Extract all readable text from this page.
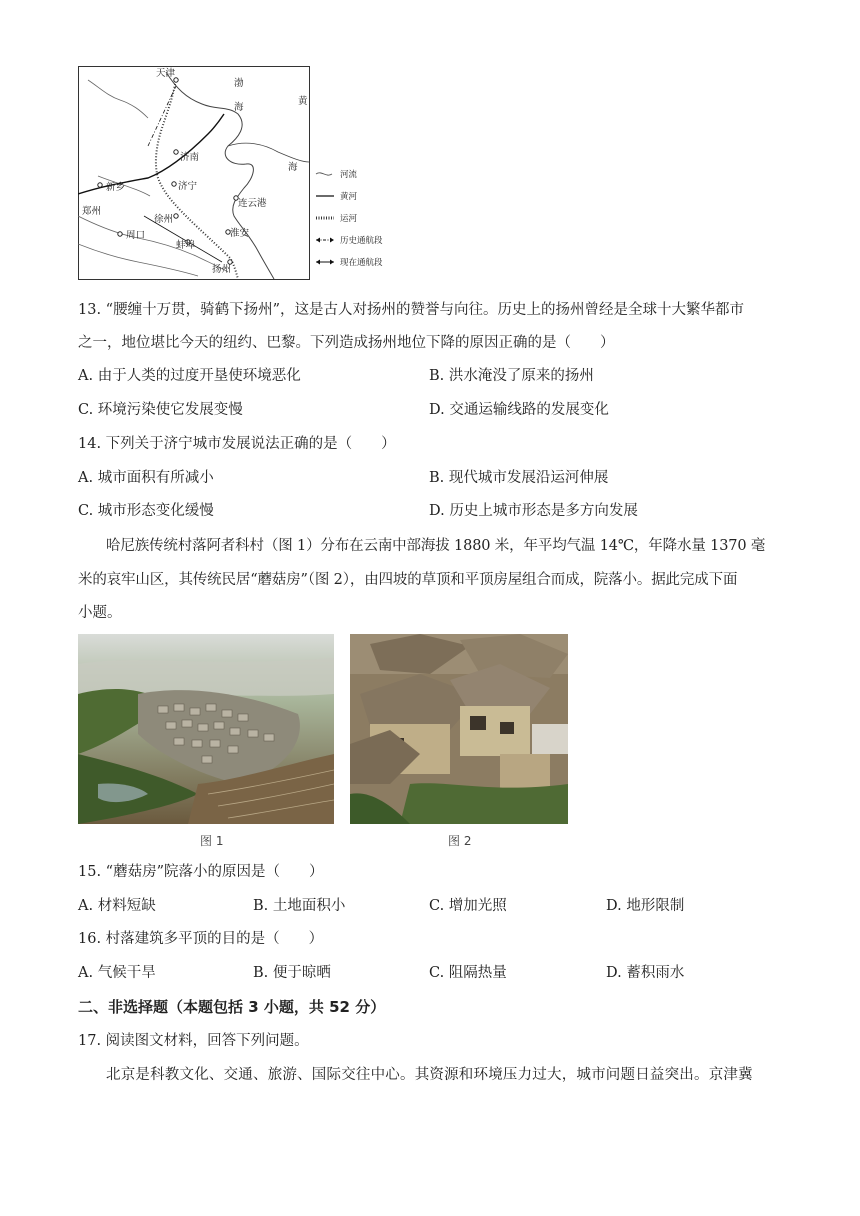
天津
济南
济宁
新乡
郑州
徐州
周口
蚌埠
连云港
淮安
扬州
渤
海
黄
海
河流
黄河
运河
历史通航段
现在通航段
13. “腰缠十万贯，骑鹤下扬州”，这是古人对扬州的赞誉与向往。历史上的扬州曾经是全球十大繁华都市
之一，地位堪比今天的纽约、巴黎。下列造成扬州地位下降的原因正确的是（　　）
A. 由于人类的过度开垦使环境恶化	B. 洪水淹没了原来的扬州
C. 环境污染使它发展变慢	D. 交通运输线路的发展变化
14. 下列关于济宁城市发展说法正确的是（　　）
A. 城市面积有所减小	B. 现代城市发展沿运河伸展
C. 城市形态变化缓慢	D. 历史上城市形态是多方向发展
哈尼族传统村落阿者科村（图 1）分布在云南中部海拔 1880 米，年平均气温 14℃，年降水量 1370 毫
米的哀牢山区，其传统民居“蘑菇房”（图 2），由四坡的草顶和平顶房屋组合而成，院落小。据此完成下面
小题。
图 1	图 2
15. “蘑菇房”院落小的原因是（　　）
A. 材料短缺	B. 土地面积小	C. 增加光照	D. 地形限制
16. 村落建筑多平顶的目的是（　　）
A. 气候干旱	B. 便于晾晒	C. 阻隔热量	D. 蓄积雨水
二、非选择题（本题包括 3 小题，共 52 分）
17. 阅读图文材料，回答下列问题。
北京是科教文化、交通、旅游、国际交往中心。其资源和环境压力过大，城市问题日益突出。京津冀
